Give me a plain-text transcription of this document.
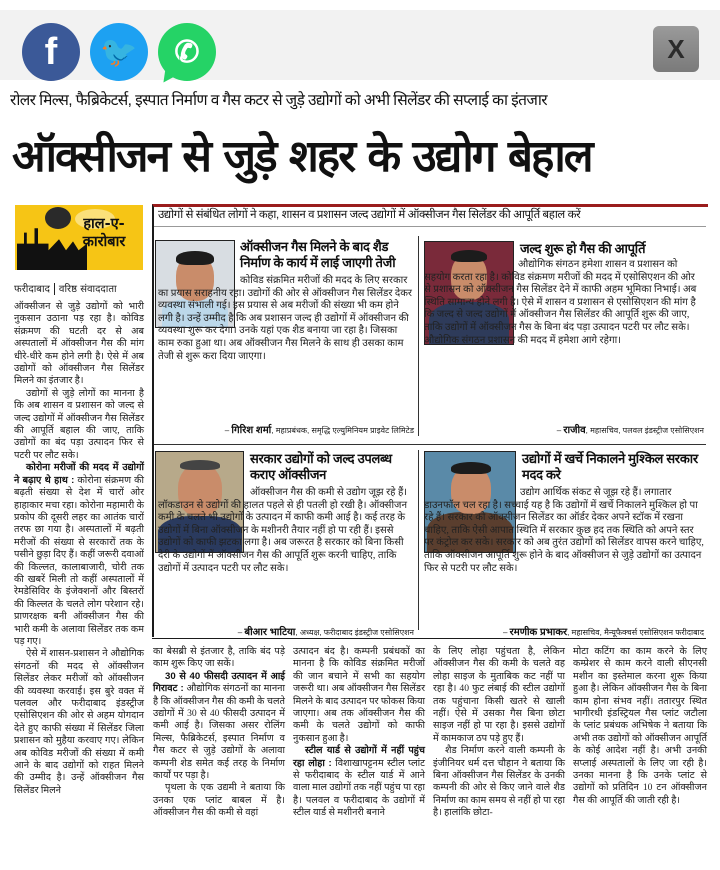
f	🐦	✆	X
रोलर मिल्स, फैब्रिकेटर्स, इस्पात निर्माण व गैस कटर से जुड़े उद्योगों को अभी सिलेंडर की सप्लाई का इंतजार
ऑक्सीजन से जुड़े शहर के उद्योग बेहाल
हाल-ए-
कारोबार
फरीदाबाद वरिष्ठ संवाददाता

ऑक्सीजन से जुड़े उद्योगों को भारी नुकसान उठाना पड़ रहा है। कोविड संक्रमण की घटती दर से अब अस्पतालों में ऑक्सीजन गैस की मांग धीरे-धीरे कम होने लगी है। ऐसे में अब उद्योगों को ऑक्सीजन गैस सिलेंडर मिलने का इंतजार है।

उद्योगों से जुड़े लोगों का मानना है कि अब शासन व प्रशासन को जल्द से जल्द उद्योगों में ऑक्सीजन गैस सिलेंडर की आपूर्ति बहाल की जाए, ताकि उद्योगों का बंद पड़ा उत्पादन फिर से पटरी पर लौट सके।

कोरोना मरीजों की मदद में उद्योगों ने बढ़ाए थे हाथ : कोरोना संक्रमण की बढ़ती संख्या से देश में चारों ओर हाहाकार मचा रहा। कोरोना महामारी के प्रकोप की दूसरी लहर का आतंक चारों तरफ छा गया है। अस्पतालों में बढ़ती मरीजों की संख्या से सरकारों तक के पसीने छुड़ा दिए हैं। कहीं जरूरी दवाओं की किल्लत, कालाबाजारी, चोरी तक की खबरें मिली तो कहीं अस्पतालों में रेमडेसिविर के इंजेक्शनों और बिस्तरों की किल्लत के चलते लोग परेशान रहे। प्राणरक्षक बनी ऑक्सीजन गैस की भारी कमी के अलावा सिलेंडर तक कम पड़ गए।

ऐसे में शासन-प्रशासन ने औद्योगिक संगठनों की मदद से ऑक्सीजन सिलेंडर लेकर मरीजों को ऑक्सीजन की व्यवस्था करवाई। इस बुरे वक्त में पलवल और फरीदाबाद इंडस्ट्रीज एसोसिएशन की ओर से अहम योगदान देते हुए काफी संख्या में सिलेंडर जिला प्रशासन को मुहैया करवाए गए। लेकिन अब कोविड मरीजों की संख्या में कमी आने के बाद उद्योगों को राहत मिलने की उम्मीद है। उन्हें ऑक्सीजन गैस सिलेंडर मिलने

उद्योगों से संबंधित लोगों ने कहा, शासन व प्रशासन जल्द उद्योगों में ऑक्सीजन गैस सिलेंडर की आपूर्ति बहाल करें
ऑक्सीजन गैस मिलने के बाद शैड निर्माण के कार्य में लाई जाएगी तेजी
कोविड संक्रमित मरीजों की मदद के लिए सरकार का प्रयास सराहनीय रहा। उद्योगों की ओर से ऑक्सीजन गैस सिलेंडर देकर व्यवस्था संभाली गई। इस प्रयास से अब मरीजों की संख्या भी कम होने लगी है। उन्हें उम्मीद है कि अब प्रशासन जल्द ही उद्योगों में ऑक्सीजन की व्यवस्था शुरू कर देगा। उनके यहां एक शैड बनाया जा रहा है। जिसका काम रुका हुआ था। अब ऑक्सीजन गैस मिलने के साथ ही उसका काम तेजी से शुरू करा दिया जाएगा।
– गिरिश शर्मा, महाप्रबंधक, समृद्धि एल्युमिनियम प्राइवेट लिमिटेड
जल्द शुरू हो गैस की आपूर्ति
औद्योगिक संगठन हमेशा शासन व प्रशासन को सहयोग करता रहा है। कोविड संक्रमण मरीजों की मदद में एसोसिएशन की ओर से प्रशासन को ऑक्सीजन गैस सिलेंडर देने में काफी अहम भूमिका निभाई। अब स्थिति सामान्य होने लगी है। ऐसे में शासन व प्रशासन से एसोसिएशन की मांग है कि जल्द से जल्द उद्योगों में ऑक्सीजन गैस सिलेंडर की आपूर्ति शुरू की जाए, ताकि उद्योगों में ऑक्सीजन गैस के बिना बंद पड़ा उत्पादन पटरी पर लौट सके। औद्योगिक संगठन प्रशासन की मदद में हमेशा आगे रहेगा।
– राजीव, महासचिव, पलवल इंडस्ट्रीज एसोसिएशन
सरकार उद्योगों को जल्द उपलब्ध कराए ऑक्सीजन
ऑक्सीजन गैस की कमी से उद्योग जूझ रहे हैं। लॉकडाउन से उद्योगों की हालत पहले से ही पतली हो रखी है। ऑक्सीजन कमी के चलते भी उद्योगों के उत्पादन में काफी कमी आई है। कई तरह के उद्योगों में बिना ऑक्सीजन के मशीनरी तैयार नहीं हो पा रही हैं। इससे उद्योगों को काफी झटका लगा है। अब जरूरत है सरकार को बिना किसी देरी के उद्योगों में ऑक्सीजन गैस की आपूर्ति शुरू करनी चाहिए, ताकि उद्योगों में उत्पादन पटरी पर लौट सके।
– बीआर भाटिया, अध्यक्ष, फरीदाबाद इंडस्ट्रीज एसोसिएशन
उद्योगों में खर्चे निकालने मुश्किल सरकार मदद करे
उद्योग आर्थिक संकट से जूझ रहे हैं। लगातार डाउनफॉल चल रहा है। सच्चाई यह है कि उद्योगों में खर्चे निकालने मुश्किल हो पा रहे हैं। सरकार को ऑक्सीजन सिलेंडर का ऑर्डर देकर अपने स्टॉक में रखना चाहिए, ताकि ऐसी आपात स्थिति में सरकार कुछ हद तक स्थिति को अपने स्तर पर कंट्रोल कर सके। सरकार को अब तुरंत उद्योगों को सिलेंडर वापस करने चाहिए, ताकि ऑक्सीजन आपूर्ति शुरू होने के बाद ऑक्सीजन से जुड़े उद्योगों का उत्पादन फिर से पटरी पर लौट सके।
– रमणीक प्रभाकर, महासचिव, मैन्यूफैक्चर्स एसोसिएशन फरीदाबाद

का बेसब्री से इंतजार है, ताकि बंद पड़े काम शुरू किए जा सकें।

30 से 40 फीसदी उत्पादन में आई गिरावट : औद्योगिक संगठनों का मानना है कि ऑक्सीजन गैस की कमी के चलते उद्योगों में 30 से 40 फीसदी उत्पादन में कमी आई है। जिसका असर रोलिंग मिल्स, फैब्रिकेटर्स, इस्पात निर्माण व गैस कटर से जुड़े उद्योगों के अलावा कम्पनी शेड समेत कई तरह के निर्माण कार्यों पर पड़ा है।

पृथला के एक उद्यमी ने बताया कि उनका एक प्लांट बाबल में है। ऑक्सीजन गैस की कमी से वहां

उत्पादन बंद है। कम्पनी प्रबंधकों का मानना है कि कोविड संक्रमित मरीजों की जान बचाने में सभी का सहयोग जरूरी था। अब ऑक्सीजन गैस सिलेंडर मिलने के बाद उत्पादन पर फोकस किया जाएगा। अब तक ऑक्सीजन गैस की कमी के चलते उद्योगों को काफी नुकसान हुआ है।

स्टील यार्ड से उद्योगों में नहीं पहुंच रहा लोहा : विशाखापट्टनम स्टील प्लांट से फरीदाबाद के स्टील यार्ड में आने वाला माल उद्योगों तक नहीं पहुंच पा रहा है। पलवल व फरीदाबाद के उद्योगों में स्टील यार्ड से मशीनरी बनाने

के लिए लोहा पहुंचता है, लेकिन ऑक्सीजन गैस की कमी के चलते वह लोहा साइज के मुताबिक कट नहीं पा रहा है। 40 फुट लंबाई की स्टील उद्योगों तक पहुंचाना किसी खतरे से खाली नहीं। ऐसे में उसका गैस बिना छोटा साइज नहीं हो पा रहा है। इससे उद्योगों में कामकाज ठप पड़े हुए हैं।

शैड निर्माण करने वाली कम्पनी के इंजीनियर धर्म दत्त चौहान ने बताया कि बिना ऑक्सीजन गैस सिलेंडर के उनकी कम्पनी की ओर से किए जाने वाले शैड निर्माण का काम समय से नहीं हो पा रहा है। हालांकि छोटा-

मोटा कटिंग का काम करने के लिए कम्प्रेशर से काम करने वाली सीएनसी मशीन का इस्तेमाल करना शुरू किया हुआ है। लेकिन ऑक्सीजन गैस के बिना काम होना संभव नहीं। ततारपुर स्थित भागीरथी इंडस्ट्रियल गैस प्लांट जटौला के प्लांट प्रबंधक अभिषेक ने बताया कि अभी तक उद्योगों को ऑक्सीजन आपूर्ति के कोई आदेश नहीं है। अभी उनकी सप्लाई अस्पतालों के लिए जा रही है। उनका मानना है कि उनके प्लांट से उद्योगों को प्रतिदिन 10 टन ऑक्सीजन गैस की आपूर्ति की जाती रही है।
